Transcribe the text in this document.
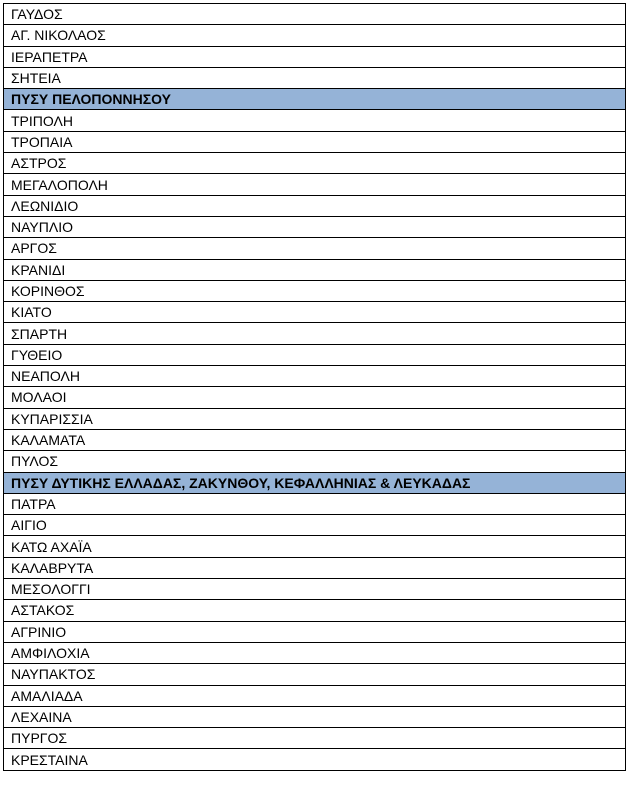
ΓΑΥΔΟΣ
ΑΓ. ΝΙΚΟΛΑΟΣ
ΙΕΡΑΠΕΤΡΑ
ΣΗΤΕΙΑ
ΠΥΣΥ ΠΕΛΟΠΟΝΝΗΣΟΥ
ΤΡΙΠΟΛΗ
ΤΡΟΠΑΙΑ
ΑΣΤΡΟΣ
ΜΕΓΑΛΟΠΟΛΗ
ΛΕΩΝΙΔΙΟ
ΝΑΥΠΛΙΟ
ΑΡΓΟΣ
ΚΡΑΝΙΔΙ
ΚΟΡΙΝΘΟΣ
ΚΙΑΤΟ
ΣΠΑΡΤΗ
ΓΥΘΕΙΟ
ΝΕΑΠΟΛΗ
ΜΟΛΑΟΙ
ΚΥΠΑΡΙΣΣΙΑ
ΚΑΛΑΜΑΤΑ
ΠΥΛΟΣ
ΠΥΣΥ ΔΥΤΙΚΗΣ ΕΛΛΑΔΑΣ, ΖΑΚΥΝΘΟΥ, ΚΕΦΑΛΛΗΝΙΑΣ & ΛΕΥΚΑΔΑΣ
ΠΑΤΡΑ
ΑΙΓΙΟ
ΚΑΤΩ ΑΧΑΪΑ
ΚΑΛΑΒΡΥΤΑ
ΜΕΣΟΛΟΓΓΙ
ΑΣΤΑΚΟΣ
ΑΓΡΙΝΙΟ
ΑΜΦΙΛΟΧΙΑ
ΝΑΥΠΑΚΤΟΣ
ΑΜΑΛΙΑΔΑ
ΛΕΧΑΙΝΑ
ΠΥΡΓΟΣ
ΚΡΕΣΤΑΙΝΑ
